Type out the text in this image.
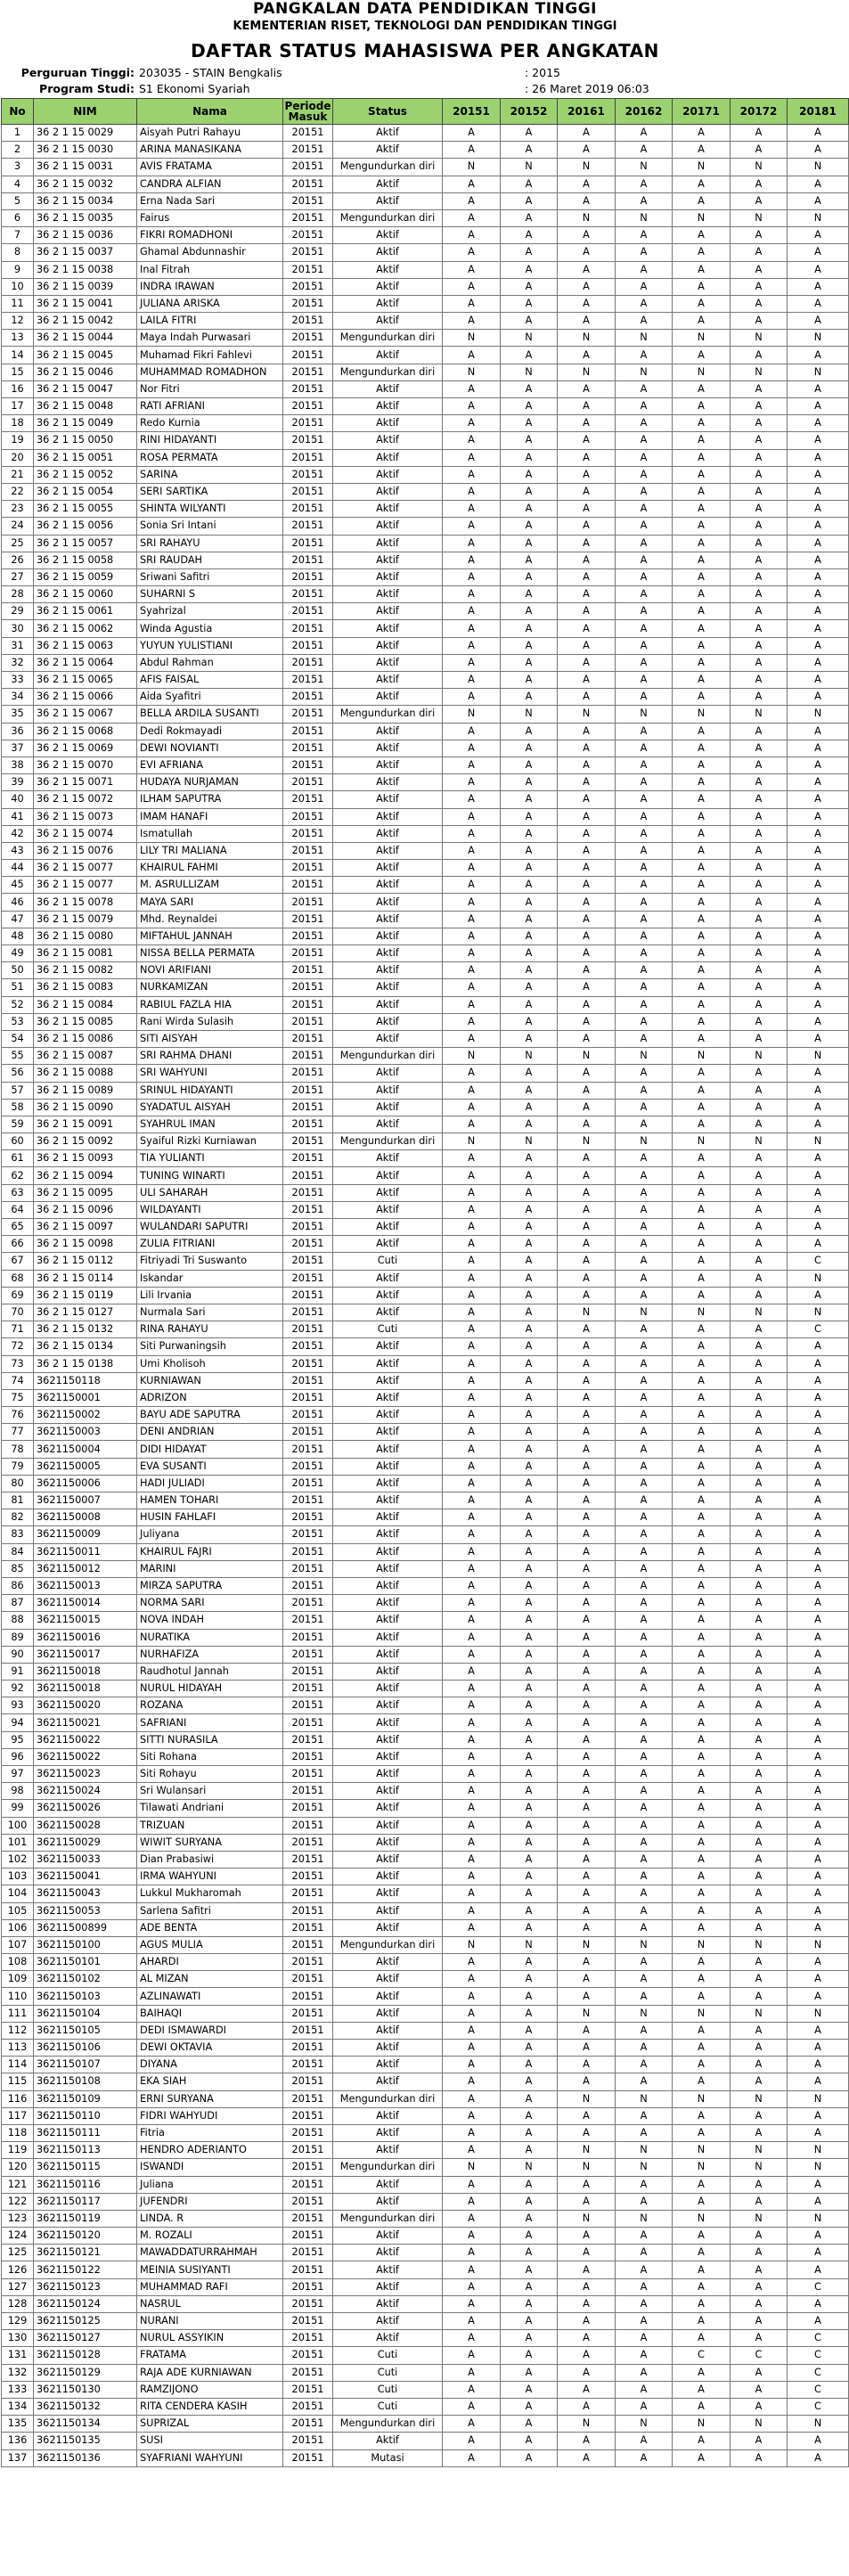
PANGKALAN DATA PENDIDIKAN TINGGI
KEMENTERIAN RISET, TEKNOLOGI DAN PENDIDIKAN TINGGI
DAFTAR STATUS MAHASISWA PER ANGKATAN
Perguruan Tinggi: 203035 - STAIN Bengkalis	: 2015
Program Studi: S1 Ekonomi Syariah	: 26 Maret 2019 06:03
No	NIM	Nama	Periode Masuk	Status	20151	20152	20161	20162	20171	20172	20181
1	36 2 1 15 0029	Aisyah Putri Rahayu	20151	Aktif	A	A	A	A	A	A	A
2	36 2 1 15 0030	ARINA MANASIKANA	20151	Aktif	A	A	A	A	A	A	A
3	36 2 1 15 0031	AVIS FRATAMA	20151	Mengundurkan diri	N	N	N	N	N	N	N
4	36 2 1 15 0032	CANDRA ALFIAN	20151	Aktif	A	A	A	A	A	A	A
5	36 2 1 15 0034	Erna Nada Sari	20151	Aktif	A	A	A	A	A	A	A
6	36 2 1 15 0035	Fairus	20151	Mengundurkan diri	A	A	N	N	N	N	N
7	36 2 1 15 0036	FIKRI ROMADHONI	20151	Aktif	A	A	A	A	A	A	A
8	36 2 1 15 0037	Ghamal Abdunnashir	20151	Aktif	A	A	A	A	A	A	A
9	36 2 1 15 0038	Inal Fitrah	20151	Aktif	A	A	A	A	A	A	A
10	36 2 1 15 0039	INDRA IRAWAN	20151	Aktif	A	A	A	A	A	A	A
11	36 2 1 15 0041	JULIANA ARISKA	20151	Aktif	A	A	A	A	A	A	A
12	36 2 1 15 0042	LAILA FITRI	20151	Aktif	A	A	A	A	A	A	A
13	36 2 1 15 0044	Maya Indah Purwasari	20151	Mengundurkan diri	N	N	N	N	N	N	N
14	36 2 1 15 0045	Muhamad Fikri Fahlevi	20151	Aktif	A	A	A	A	A	A	A
15	36 2 1 15 0046	MUHAMMAD ROMADHON	20151	Mengundurkan diri	N	N	N	N	N	N	N
16	36 2 1 15 0047	Nor Fitri	20151	Aktif	A	A	A	A	A	A	A
17	36 2 1 15 0048	RATI AFRIANI	20151	Aktif	A	A	A	A	A	A	A
18	36 2 1 15 0049	Redo Kurnia	20151	Aktif	A	A	A	A	A	A	A
19	36 2 1 15 0050	RINI HIDAYANTI	20151	Aktif	A	A	A	A	A	A	A
20	36 2 1 15 0051	ROSA PERMATA	20151	Aktif	A	A	A	A	A	A	A
21	36 2 1 15 0052	SARINA	20151	Aktif	A	A	A	A	A	A	A
22	36 2 1 15 0054	SERI SARTIKA	20151	Aktif	A	A	A	A	A	A	A
23	36 2 1 15 0055	SHINTA WILYANTI	20151	Aktif	A	A	A	A	A	A	A
24	36 2 1 15 0056	Sonia Sri Intani	20151	Aktif	A	A	A	A	A	A	A
25	36 2 1 15 0057	SRI RAHAYU	20151	Aktif	A	A	A	A	A	A	A
26	36 2 1 15 0058	SRI RAUDAH	20151	Aktif	A	A	A	A	A	A	A
27	36 2 1 15 0059	Sriwani Safitri	20151	Aktif	A	A	A	A	A	A	A
28	36 2 1 15 0060	SUHARNI S	20151	Aktif	A	A	A	A	A	A	A
29	36 2 1 15 0061	Syahrizal	20151	Aktif	A	A	A	A	A	A	A
30	36 2 1 15 0062	Winda Agustia	20151	Aktif	A	A	A	A	A	A	A
31	36 2 1 15 0063	YUYUN YULISTIANI	20151	Aktif	A	A	A	A	A	A	A
32	36 2 1 15 0064	Abdul Rahman	20151	Aktif	A	A	A	A	A	A	A
33	36 2 1 15 0065	AFIS FAISAL	20151	Aktif	A	A	A	A	A	A	A
34	36 2 1 15 0066	Aida Syafitri	20151	Aktif	A	A	A	A	A	A	A
35	36 2 1 15 0067	BELLA ARDILA SUSANTI	20151	Mengundurkan diri	N	N	N	N	N	N	N
36	36 2 1 15 0068	Dedi Rokmayadi	20151	Aktif	A	A	A	A	A	A	A
37	36 2 1 15 0069	DEWI NOVIANTI	20151	Aktif	A	A	A	A	A	A	A
38	36 2 1 15 0070	EVI AFRIANA	20151	Aktif	A	A	A	A	A	A	A
39	36 2 1 15 0071	HUDAYA NURJAMAN	20151	Aktif	A	A	A	A	A	A	A
40	36 2 1 15 0072	ILHAM SAPUTRA	20151	Aktif	A	A	A	A	A	A	A
41	36 2 1 15 0073	IMAM HANAFI	20151	Aktif	A	A	A	A	A	A	A
42	36 2 1 15 0074	Ismatullah	20151	Aktif	A	A	A	A	A	A	A
43	36 2 1 15 0076	LILY TRI MALIANA	20151	Aktif	A	A	A	A	A	A	A
44	36 2 1 15 0077	KHAIRUL FAHMI	20151	Aktif	A	A	A	A	A	A	A
45	36 2 1 15 0077	M. ASRULLIZAM	20151	Aktif	A	A	A	A	A	A	A
46	36 2 1 15 0078	MAYA SARI	20151	Aktif	A	A	A	A	A	A	A
47	36 2 1 15 0079	Mhd. Reynaldei	20151	Aktif	A	A	A	A	A	A	A
48	36 2 1 15 0080	MIFTAHUL JANNAH	20151	Aktif	A	A	A	A	A	A	A
49	36 2 1 15 0081	NISSA BELLA PERMATA	20151	Aktif	A	A	A	A	A	A	A
50	36 2 1 15 0082	NOVI ARIFIANI	20151	Aktif	A	A	A	A	A	A	A
51	36 2 1 15 0083	NURKAMIZAN	20151	Aktif	A	A	A	A	A	A	A
52	36 2 1 15 0084	RABIUL FAZLA HIA	20151	Aktif	A	A	A	A	A	A	A
53	36 2 1 15 0085	Rani Wirda Sulasih	20151	Aktif	A	A	A	A	A	A	A
54	36 2 1 15 0086	SITI AISYAH	20151	Aktif	A	A	A	A	A	A	A
55	36 2 1 15 0087	SRI RAHMA DHANI	20151	Mengundurkan diri	N	N	N	N	N	N	N
56	36 2 1 15 0088	SRI WAHYUNI	20151	Aktif	A	A	A	A	A	A	A
57	36 2 1 15 0089	SRINUL HIDAYANTI	20151	Aktif	A	A	A	A	A	A	A
58	36 2 1 15 0090	SYADATUL AISYAH	20151	Aktif	A	A	A	A	A	A	A
59	36 2 1 15 0091	SYAHRUL IMAN	20151	Aktif	A	A	A	A	A	A	A
60	36 2 1 15 0092	Syaiful Rizki Kurniawan	20151	Mengundurkan diri	N	N	N	N	N	N	N
61	36 2 1 15 0093	TIA YULIANTI	20151	Aktif	A	A	A	A	A	A	A
62	36 2 1 15 0094	TUNING WINARTI	20151	Aktif	A	A	A	A	A	A	A
63	36 2 1 15 0095	ULI SAHARAH	20151	Aktif	A	A	A	A	A	A	A
64	36 2 1 15 0096	WILDAYANTI	20151	Aktif	A	A	A	A	A	A	A
65	36 2 1 15 0097	WULANDARI SAPUTRI	20151	Aktif	A	A	A	A	A	A	A
66	36 2 1 15 0098	ZULIA FITRIANI	20151	Aktif	A	A	A	A	A	A	A
67	36 2 1 15 0112	Fitriyadi Tri Suswanto	20151	Cuti	A	A	A	A	A	A	C
68	36 2 1 15 0114	Iskandar	20151	Aktif	A	A	A	A	A	A	N
69	36 2 1 15 0119	Lili Irvania	20151	Aktif	A	A	A	A	A	A	A
70	36 2 1 15 0127	Nurmala Sari	20151	Aktif	A	A	N	N	N	N	N
71	36 2 1 15 0132	RINA RAHAYU	20151	Cuti	A	A	A	A	A	A	C
72	36 2 1 15 0134	Siti Purwaningsih	20151	Aktif	A	A	A	A	A	A	A
73	36 2 1 15 0138	Umi Kholisoh	20151	Aktif	A	A	A	A	A	A	A
74	3621150118	KURNIAWAN	20151	Aktif	A	A	A	A	A	A	A
75	3621150001	ADRIZON	20151	Aktif	A	A	A	A	A	A	A
76	3621150002	BAYU ADE SAPUTRA	20151	Aktif	A	A	A	A	A	A	A
77	3621150003	DENI ANDRIAN	20151	Aktif	A	A	A	A	A	A	A
78	3621150004	DIDI HIDAYAT	20151	Aktif	A	A	A	A	A	A	A
79	3621150005	EVA SUSANTI	20151	Aktif	A	A	A	A	A	A	A
80	3621150006	HADI JULIADI	20151	Aktif	A	A	A	A	A	A	A
81	3621150007	HAMEN TOHARI	20151	Aktif	A	A	A	A	A	A	A
82	3621150008	HUSIN FAHLAFI	20151	Aktif	A	A	A	A	A	A	A
83	3621150009	Juliyana	20151	Aktif	A	A	A	A	A	A	A
84	3621150011	KHAIRUL FAJRI	20151	Aktif	A	A	A	A	A	A	A
85	3621150012	MARINI	20151	Aktif	A	A	A	A	A	A	A
86	3621150013	MIRZA SAPUTRA	20151	Aktif	A	A	A	A	A	A	A
87	3621150014	NORMA SARI	20151	Aktif	A	A	A	A	A	A	A
88	3621150015	NOVA INDAH	20151	Aktif	A	A	A	A	A	A	A
89	3621150016	NURATIKA	20151	Aktif	A	A	A	A	A	A	A
90	3621150017	NURHAFIZA	20151	Aktif	A	A	A	A	A	A	A
91	3621150018	Raudhotul Jannah	20151	Aktif	A	A	A	A	A	A	A
92	3621150018	NURUL HIDAYAH	20151	Aktif	A	A	A	A	A	A	A
93	3621150020	ROZANA	20151	Aktif	A	A	A	A	A	A	A
94	3621150021	SAFRIANI	20151	Aktif	A	A	A	A	A	A	A
95	3621150022	SITTI NURASILA	20151	Aktif	A	A	A	A	A	A	A
96	3621150022	Siti Rohana	20151	Aktif	A	A	A	A	A	A	A
97	3621150023	Siti Rohayu	20151	Aktif	A	A	A	A	A	A	A
98	3621150024	Sri Wulansari	20151	Aktif	A	A	A	A	A	A	A
99	3621150026	Tilawati Andriani	20151	Aktif	A	A	A	A	A	A	A
100	3621150028	TRIZUAN	20151	Aktif	A	A	A	A	A	A	A
101	3621150029	WIWIT SURYANA	20151	Aktif	A	A	A	A	A	A	A
102	3621150033	Dian Prabasiwi	20151	Aktif	A	A	A	A	A	A	A
103	3621150041	IRMA WAHYUNI	20151	Aktif	A	A	A	A	A	A	A
104	3621150043	Lukkul Mukharomah	20151	Aktif	A	A	A	A	A	A	A
105	3621150053	Sarlena Safitri	20151	Aktif	A	A	A	A	A	A	A
106	36211500899	ADE BENTA	20151	Aktif	A	A	A	A	A	A	A
107	3621150100	AGUS MULIA	20151	Mengundurkan diri	N	N	N	N	N	N	N
108	3621150101	AHARDI	20151	Aktif	A	A	A	A	A	A	A
109	3621150102	AL MIZAN	20151	Aktif	A	A	A	A	A	A	A
110	3621150103	AZLINAWATI	20151	Aktif	A	A	A	A	A	A	A
111	3621150104	BAIHAQI	20151	Aktif	A	A	N	N	N	N	N
112	3621150105	DEDI ISMAWARDI	20151	Aktif	A	A	A	A	A	A	A
113	3621150106	DEWI OKTAVIA	20151	Aktif	A	A	A	A	A	A	A
114	3621150107	DIYANA	20151	Aktif	A	A	A	A	A	A	A
115	3621150108	EKA SIAH	20151	Aktif	A	A	A	A	A	A	A
116	3621150109	ERNI SURYANA	20151	Mengundurkan diri	A	A	N	N	N	N	N
117	3621150110	FIDRI WAHYUDI	20151	Aktif	A	A	A	A	A	A	A
118	3621150111	Fitria	20151	Aktif	A	A	A	A	A	A	A
119	3621150113	HENDRO ADERIANTO	20151	Aktif	A	A	N	N	N	N	N
120	3621150115	ISWANDI	20151	Mengundurkan diri	N	N	N	N	N	N	N
121	3621150116	Juliana	20151	Aktif	A	A	A	A	A	A	A
122	3621150117	JUFENDRI	20151	Aktif	A	A	A	A	A	A	A
123	3621150119	LINDA. R	20151	Mengundurkan diri	A	A	N	N	N	N	N
124	3621150120	M. ROZALI	20151	Aktif	A	A	A	A	A	A	A
125	3621150121	MAWADDATURRAHMAH	20151	Aktif	A	A	A	A	A	A	A
126	3621150122	MEINIA SUSIYANTI	20151	Aktif	A	A	A	A	A	A	A
127	3621150123	MUHAMMAD RAFI	20151	Aktif	A	A	A	A	A	A	C
128	3621150124	NASRUL	20151	Aktif	A	A	A	A	A	A	A
129	3621150125	NURANI	20151	Aktif	A	A	A	A	A	A	A
130	3621150127	NURUL ASSYIKIN	20151	Aktif	A	A	A	A	A	A	C
131	3621150128	FRATAMA	20151	Cuti	A	A	A	A	C	C	C
132	3621150129	RAJA ADE KURNIAWAN	20151	Cuti	A	A	A	A	A	A	C
133	3621150130	RAMZIJONO	20151	Cuti	A	A	A	A	A	A	C
134	3621150132	RITA CENDERA KASIH	20151	Cuti	A	A	A	A	A	A	C
135	3621150134	SUPRIZAL	20151	Mengundurkan diri	A	A	N	N	N	N	N
136	3621150135	SUSI	20151	Aktif	A	A	A	A	A	A	A
137	3621150136	SYAFRIANI WAHYUNI	20151	Mutasi	A	A	A	A	A	A	A
